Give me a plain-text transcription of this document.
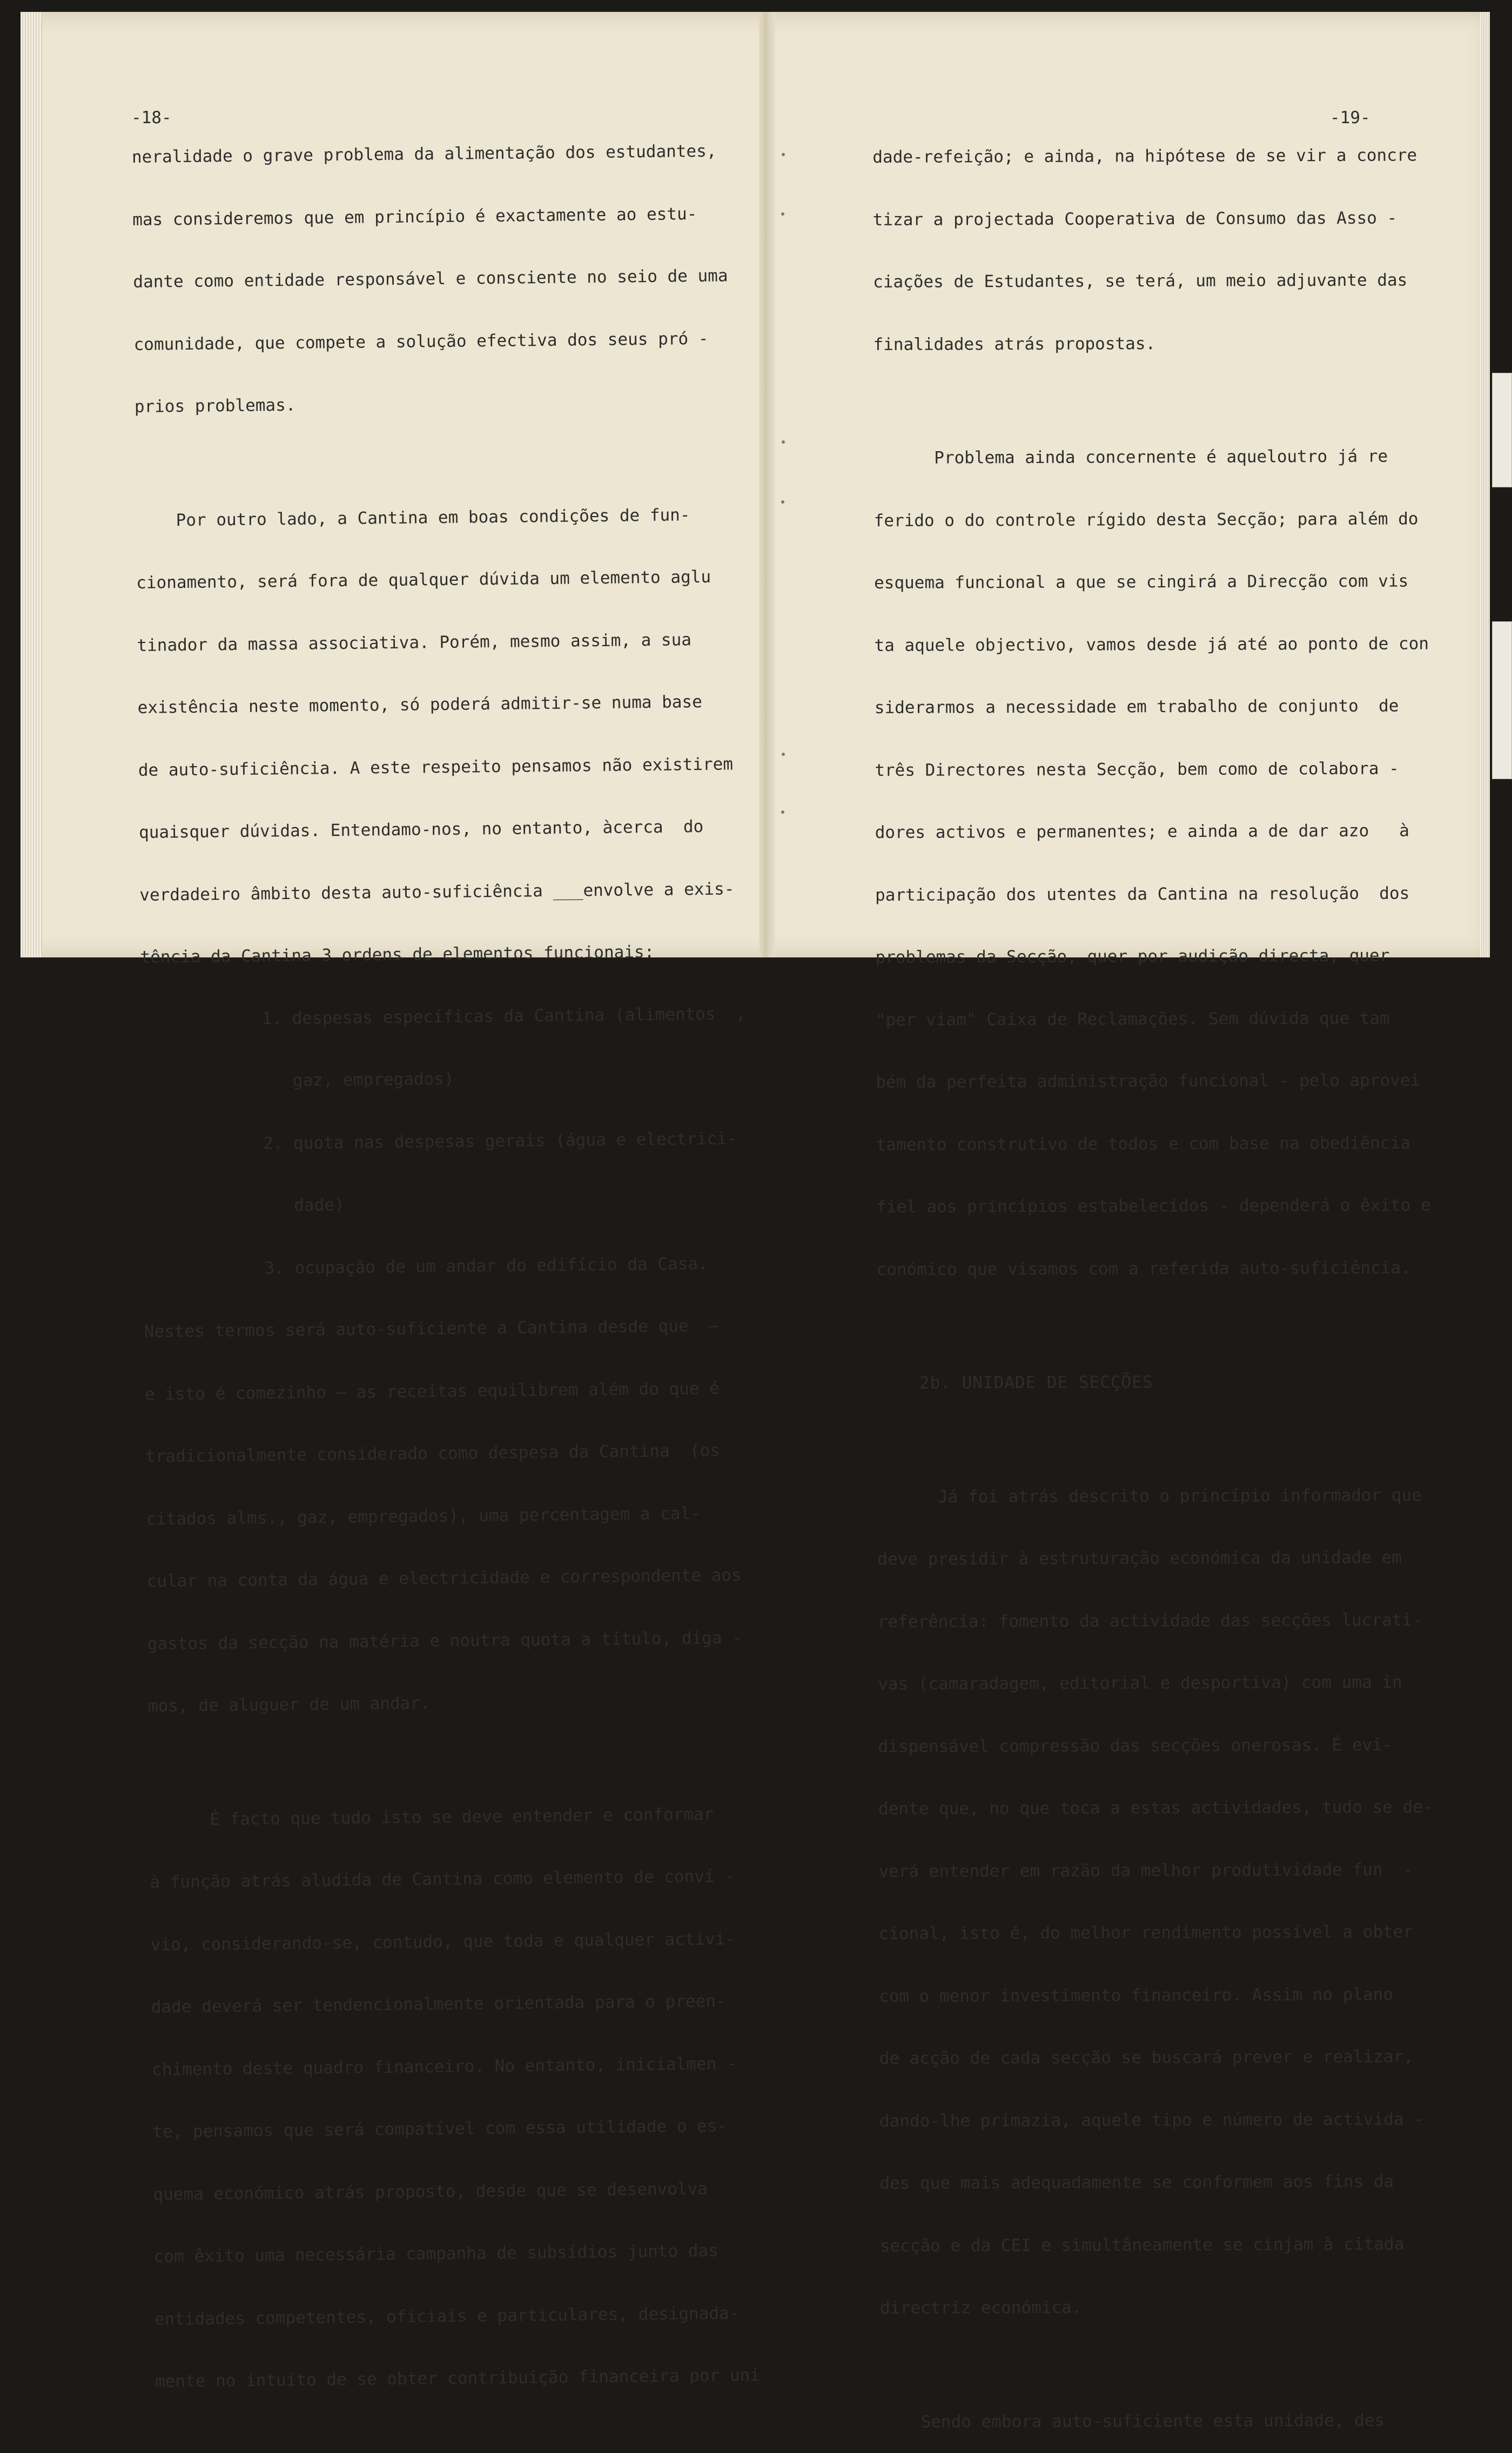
-18-	-19-

neralidade o grave problema da alimentação dos estudantes,

mas consideremos que em princípio é exactamente ao estu-

dante como entidade responsável e consciente no seio de uma

comunidade, que compete a solução efectiva dos seus pró -

prios problemas.

Por outro lado, a Cantina em boas condições de fun-

cionamento, será fora de qualquer dúvida um elemento aglu

tinador da massa associativa. Porém, mesmo assim, a sua

existência neste momento, só poderá admitir-se numa base

de auto-suficiência. A este respeito pensamos não existirem

quaisquer dúvidas. Entendamo-nos, no entanto, àcerca  do

verdadeiro âmbito desta auto-suficiência ___envolve a exis-

tência da Cantina 3 ordens de elementos funcionais:

1. despesas específicas da Cantina (alimentos  ,

gaz, empregados)

2. quota nas despesas gerais (água e electrici-

dade)

3. ocupação de um andar do edifício da Casa.

Nestes termos será auto-suficiente a Cantina desde que  —

e isto é comezinho — as receitas equilibrem além do que é

tradicionalmente considerado como despesa da Cantina  (os

citados alms., gaz, empregados), uma percentagem a cal-

cular na conta da água e electricidade e correspondente aos

gastos da secção na matéria e noutra quota a título, diga -

mos, de aluguer de um andar.

É facto que tudo isto se deve entender e conformar

à função atrás aludida de Cantina como elemento de conví -

vio, considerando-se, contudo, que toda e qualquer activi-

dade deverá ser tendencionalmente orientada para o preen-

chimento deste quadro financeiro. No entanto, inicialmen -

te, pensamos que será compatível com essa utilidade o es-

quema económico atrás proposto, desde que se desenvolva

com êxito uma necessária campanha de subsídios junto das

entidades competentes, oficiais e particulares, designada-

mente no intuito de se obter contribuição financeira por uni

dade-refeição; e ainda, na hipótese de se vir a concre

tizar a projectada Cooperativa de Consumo das Asso -

ciações de Estudantes, se terá, um meio adjuvante das

finalidades atrás propostas.

Problema ainda concernente é aqueloutro já re

ferido o do controle rígido desta Secção; para além do

esquema funcional a que se cingirá a Direcção com vis

ta aquele objectivo, vamos desde já até ao ponto de con

siderarmos a necessidade em trabalho de conjunto  de

três Directores nesta Secção, bem como de colabora -

dores activos e permanentes; e ainda a de dar azo   à

participação dos utentes da Cantina na resolução  dos

problemas da Secção, quer por audição directa, quer

"per viam" Caixa de Reclamações. Sem dúvida que tam

bém da perfeita administração funcional - pelo aprovei

tamento construtivo de todos e com base na obediência

fiel aos princípios estabelecidos - dependerá o êxito e

conómico que visamos com a referida auto-suficiência.

2b. UNIDADE DE SECÇÕES

Já foi atrás descrito o princípio informador que

deve presidir à estruturação económica da unidade em

referência: fomento da actividade das secções lucrati-

vas (camaradagem, editorial e desportiva) com uma in

dispensável compressão das secções onerosas. É evi-

dente que, no que toca a estas actividades, tudo se de-

verá entender em razão da melhor produtividade fun  -

cional, isto é, do melhor rendimento possível a obter

com o menor investimento financeiro. Assim no plano

de acção de cada secção se buscará prever e realizar,

dando-lhe primazia, aquele tipo e número de activida -

des que mais adequadamente se conformem aos fins da

secção e da CEI e simultâneamente se cinjam à citada

directriz económica.

Sendo embora auto-suficiente esta unidade, des
